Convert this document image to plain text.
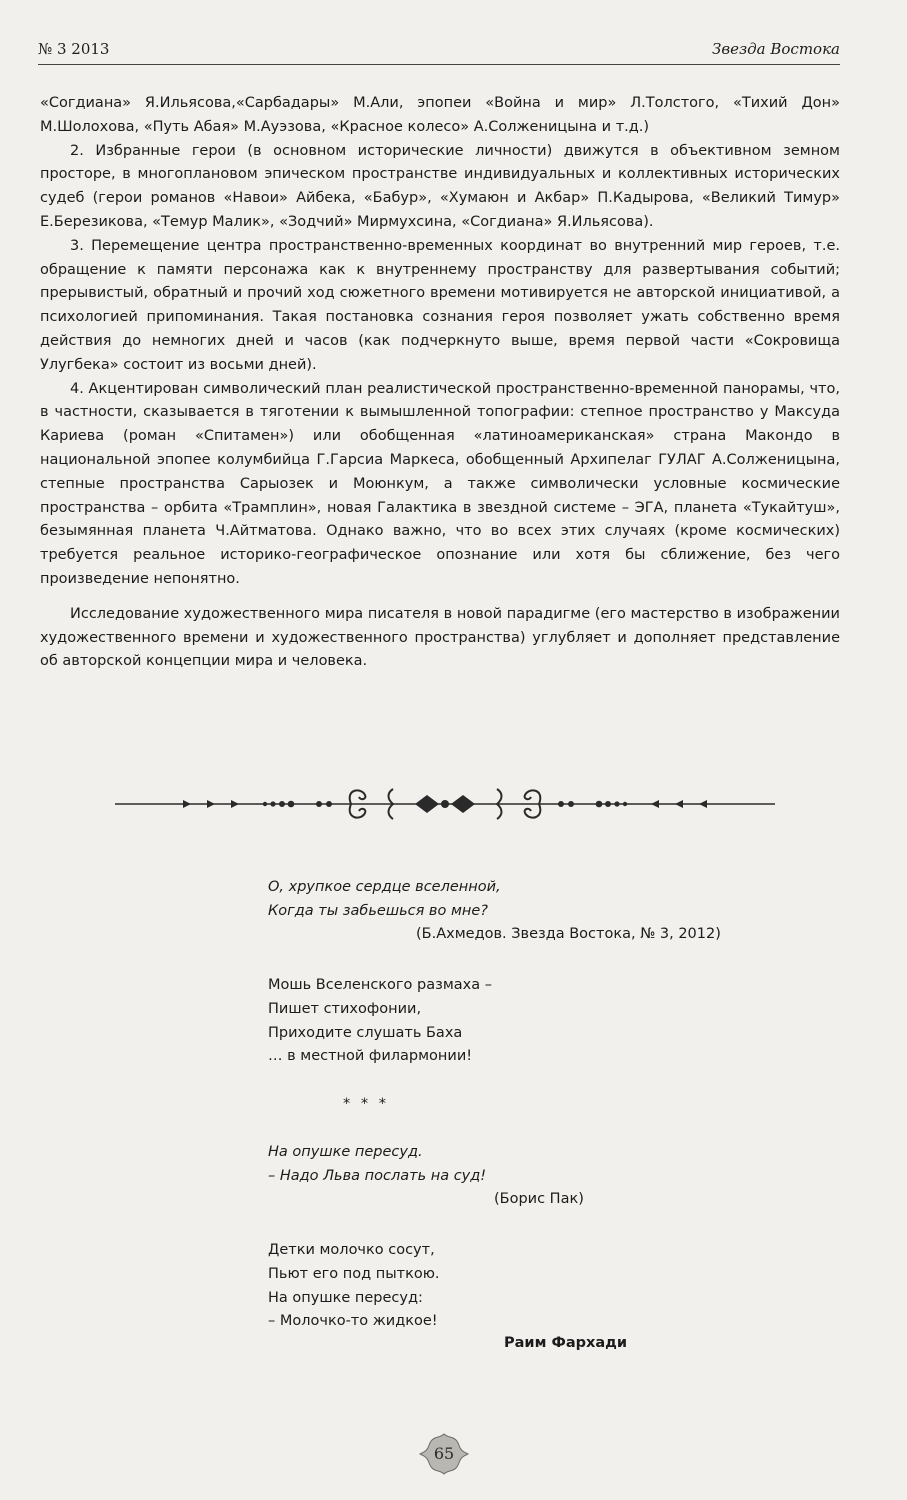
№ 3 2013	Звезда Востока

«Согдиана» Я.Ильясова,«Сарбадары» М.Али, эпопеи «Война и мир» Л.Толстого, «Тихий Дон» М.Шолохова, «Путь Абая» М.Ауэзова, «Красное колесо» А.Солженицына и т.д.)

2. Избранные герои (в основном исторические личности) движутся в объективном земном просторе, в многоплановом эпическом пространстве индивидуальных и коллективных исторических судеб (герои романов «Навои» Айбека, «Бабур», «Хумаюн и Акбар» П.Кадырова, «Великий Тимур» Е.Березикова, «Темур Малик», «Зодчий» Мирмухсина, «Согдиана» Я.Ильясова).

3. Перемещение центра пространственно-временных координат во внутренний мир героев, т.е. обращение к памяти персонажа как к внутреннему пространству для развертывания событий; прерывистый, обратный и прочий ход сюжетного времени мотивируется не авторской инициативой, а психологией припоминания. Такая постановка сознания героя позволяет ужать собственно время действия до немногих дней и часов (как подчеркнуто выше, время первой части «Сокровища Улугбека» состоит из восьми дней).

4. Акцентирован символический план реалистической пространственно-временной панорамы, что, в частности, сказывается в тяготении к вымышленной топографии: степное пространство у Максуда Кариева (роман «Спитамен») или обобщенная «латиноамериканская» страна Макондо в национальной эпопее колумбийца Г.Гарсиа Маркеса, обобщенный Архипелаг ГУЛАГ А.Солженицына, степные пространства Сарыозек и Моюнкум, а также символически условные космические пространства – орбита «Трамплин», новая Галактика в звездной системе – ЭГА, планета «Тукайтуш», безымянная планета Ч.Айтматова. Однако важно, что во всех этих случаях (кроме космических) требуется реальное историко-географическое опознание или хотя бы сближение, без чего произведение непонятно.

Исследование художественного мира писателя в новой парадигме (его мастерство в изображении художественного времени и художественного пространства) углубляет и дополняет представление об авторской концепции мира и человека.

О, хрупкое сердце вселенной,
Когда ты забьешься во мне?
(Б.Ахмедов. Звезда Востока, № 3, 2012)
Мошь Вселенского размаха –
Пишет стихофонии,
Приходите слушать Баха
… в местной филармонии!
* * *
На опушке пересуд.
– Надо Льва послать на суд!
(Борис Пак)
Детки молочко сосут,
Пьют его под пыткою.
На опушке пересуд:
– Молочко-то жидкое!
Раим Фархади
65
